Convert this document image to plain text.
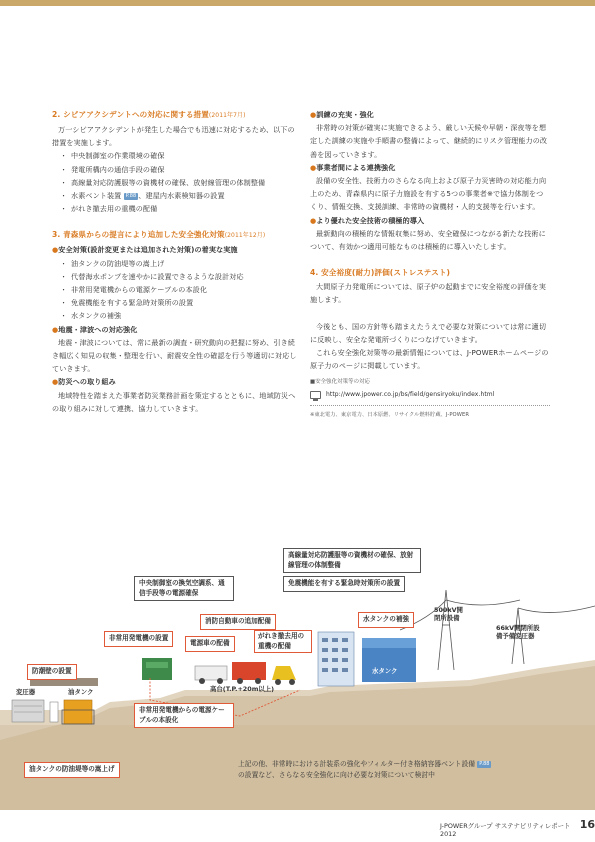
2. シビアアクシデントへの対応に関する措置(2011年7月)
万一シビアアクシデントが発生した場合でも迅速に対応するため、以下の措置を実施します。
・ 中央制御室の作業環境の確保
・ 発電所構内の通信手段の確保
・ 高線量対応防護服等の資機材の確保、放射線管理の体制整備
・ 水素ベント装置 P.88 、建屋内水素検知器の設置
・ がれき撤去用の重機の配備
3. 青森県からの提言により追加した安全強化対策(2011年12月)
●安全対策(設計変更または追加された対策)の着実な実施
・ 油タンクの防油堤等の嵩上げ
・ 代替海水ポンプを速やかに設置できるような設計対応
・ 非常用発電機からの電源ケーブルの本設化
・ 免震機能を有する緊急時対策所の設置
・ 水タンクの補強
●地震・津波への対応強化
地震・津波については、常に最新の調査・研究動向の把握に努め、引き続き幅広く知見の収集・整理を行い、耐震安全性の確認を行う等適切に対応していきます。
●防災への取り組み
地域特性を踏まえた事業者防災業務計画を策定するとともに、地域防災への取り組みに対して連携、協力していきます。
●訓練の充実・強化
非常時の対策が確実に実施できるよう、厳しい天候や早朝・深夜等を想定した訓練の実施や手順書の整備によって、継続的にリスク管理能力の改善を図っていきます。
●事業者間による連携強化
設備の安全性、技術力のさらなる向上および原子力災害時の対応能力向上のため、青森県内に原子力施設を有する5つの事業者※で協力体制をつくり、情報交換、支援訓練、非常時の資機材・人的支援等を行います。
●より優れた安全技術の積極的導入
最新動向の積極的な情報収集に努め、安全確保につながる新たな技術について、有効かつ適用可能なものは積極的に導入いたします。
4. 安全裕度(耐力)評価(ストレステスト)
大間原子力発電所については、原子炉の起動までに安全裕度の評価を実施します。
今後とも、国の方針等も踏まえたうえで必要な対策については常に適切に反映し、安全な発電所づくりにつなげていきます。
これら安全強化対策等の最新情報については、J-POWERホームページの原子力のページに掲載しています。
■安全強化対策等の対応
http://www.jpower.co.jp/bs/field/gensiryoku/index.html
※東北電力、東京電力、日本原燃、リサイクル燃料貯蔵、J-POWER
高線量対応防護服等の資機材の確保、放射線管理の体制整備
免震機能を有する緊急時対策所の設置
中央制御室の換気空調系、通信手段等の電源確保
消防自動車の追加配備
非常用発電機の設置
電源車の配備
がれき撤去用の重機の配備
水タンクの補強
防潮壁の設置
非常用発電機からの電源ケーブルの本設化
油タンクの防油堤等の嵩上げ
変圧器	油タンク	高台(T.P.+20m以上)
水タンク
500kV開閉所設備
66kV開閉所設備予備変圧器
上記の他、非常時における計装系の強化やフィルター付き格納容器ベント設備 P.88
の設置など、さらなる安全強化に向け必要な対策について検討中
J-POWERグループ サステナビリティレポート2012
16
